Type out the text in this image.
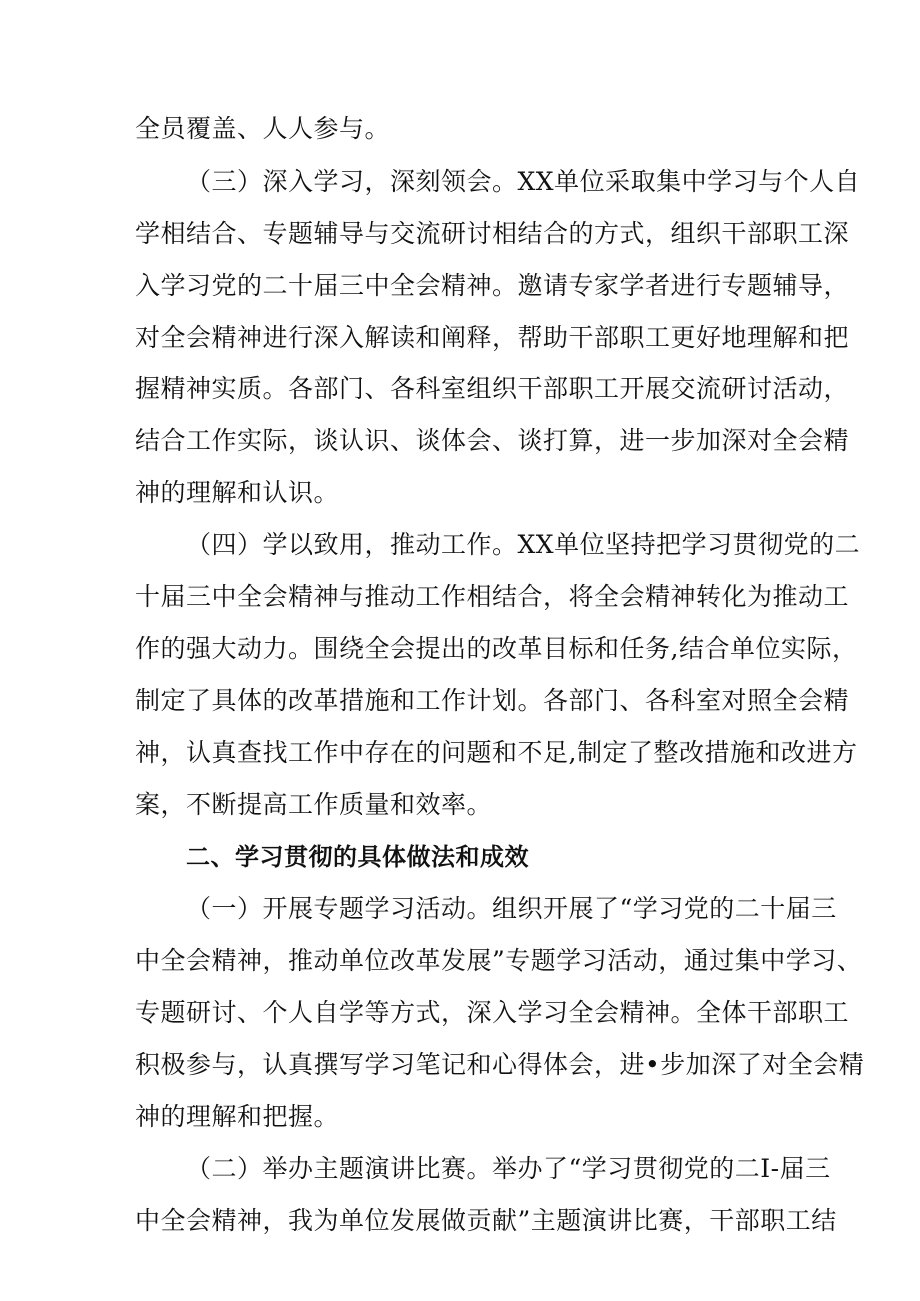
全员覆盖、人人参与。
（三）深入学习，深刻领会。XX单位采取集中学习与个人自
学相结合、专题辅导与交流研讨相结合的方式，组织干部职工深
入学习党的二十届三中全会精神。邀请专家学者进行专题辅导，
对全会精神进行深入解读和阐释，帮助干部职工更好地理解和把
握精神实质。各部门、各科室组织干部职工开展交流研讨活动，
结合工作实际，谈认识、谈体会、谈打算，进一步加深对全会精
神的理解和认识。
（四）学以致用，推动工作。XX单位坚持把学习贯彻党的二
十届三中全会精神与推动工作相结合，将全会精神转化为推动工
作的强大动力。围绕全会提出的改革目标和任务,结合单位实际，
制定了具体的改革措施和工作计划。各部门、各科室对照全会精
神，认真查找工作中存在的问题和不足,制定了整改措施和改进方
案，不断提高工作质量和效率。
二、学习贯彻的具体做法和成效
（一）开展专题学习活动。组织开展了“学习党的二十届三
中全会精神，推动单位改革发展”专题学习活动，通过集中学习、
专题研讨、个人自学等方式，深入学习全会精神。全体干部职工
积极参与，认真撰写学习笔记和心得体会，进•步加深了对全会精
神的理解和把握。
（二）举办主题演讲比赛。举办了“学习贯彻党的二I-届三
中全会精神，我为单位发展做贡献”主题演讲比赛，干部职工结
